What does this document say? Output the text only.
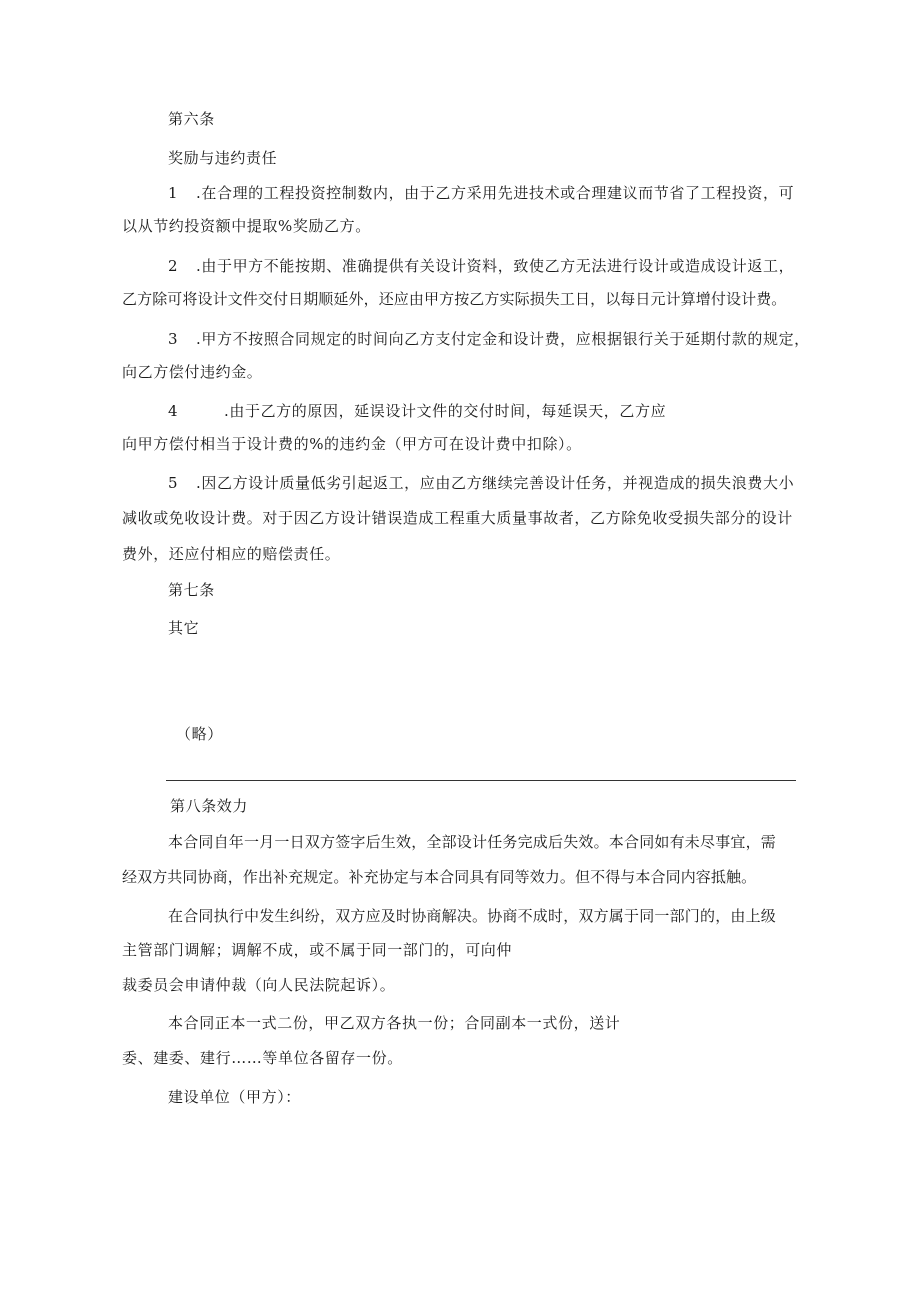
第六条
奖励与违约责任
1 .在合理的工程投资控制数内，由于乙方采用先进技术或合理建议而节省了工程投资，可
以从节约投资额中提取%奖励乙方。
2 .由于甲方不能按期、准确提供有关设计资料，致使乙方无法进行设计或造成设计返工，
乙方除可将设计文件交付日期顺延外，还应由甲方按乙方实际损失工日，以每日元计算增付设计费。
3 .甲方不按照合同规定的时间向乙方支付定金和设计费，应根据银行关于延期付款的规定，
向乙方偿付违约金。
4	.由于乙方的原因，延误设计文件的交付时间，每延误天，乙方应
向甲方偿付相当于设计费的%的违约金（甲方可在设计费中扣除）。
5 .因乙方设计质量低劣引起返工，应由乙方继续完善设计任务，并视造成的损失浪费大小
减收或免收设计费。对于因乙方设计错误造成工程重大质量事故者，乙方除免收受损失部分的设计
费外，还应付相应的赔偿责任。
第七条
其它
（略）
第八条效力
本合同自年一月一日双方签字后生效，全部设计任务完成后失效。本合同如有未尽事宜，需
经双方共同协商，作出补充规定。补充协定与本合同具有同等效力。但不得与本合同内容抵触。
在合同执行中发生纠纷，双方应及时协商解决。协商不成时，双方属于同一部门的，由上级
主管部门调解；调解不成，或不属于同一部门的，可向仲
裁委员会申请仲裁（向人民法院起诉）。
本合同正本一式二份，甲乙双方各执一份；合同副本一式份，送计
委、建委、建行……等单位各留存一份。
建设单位（甲方）：
